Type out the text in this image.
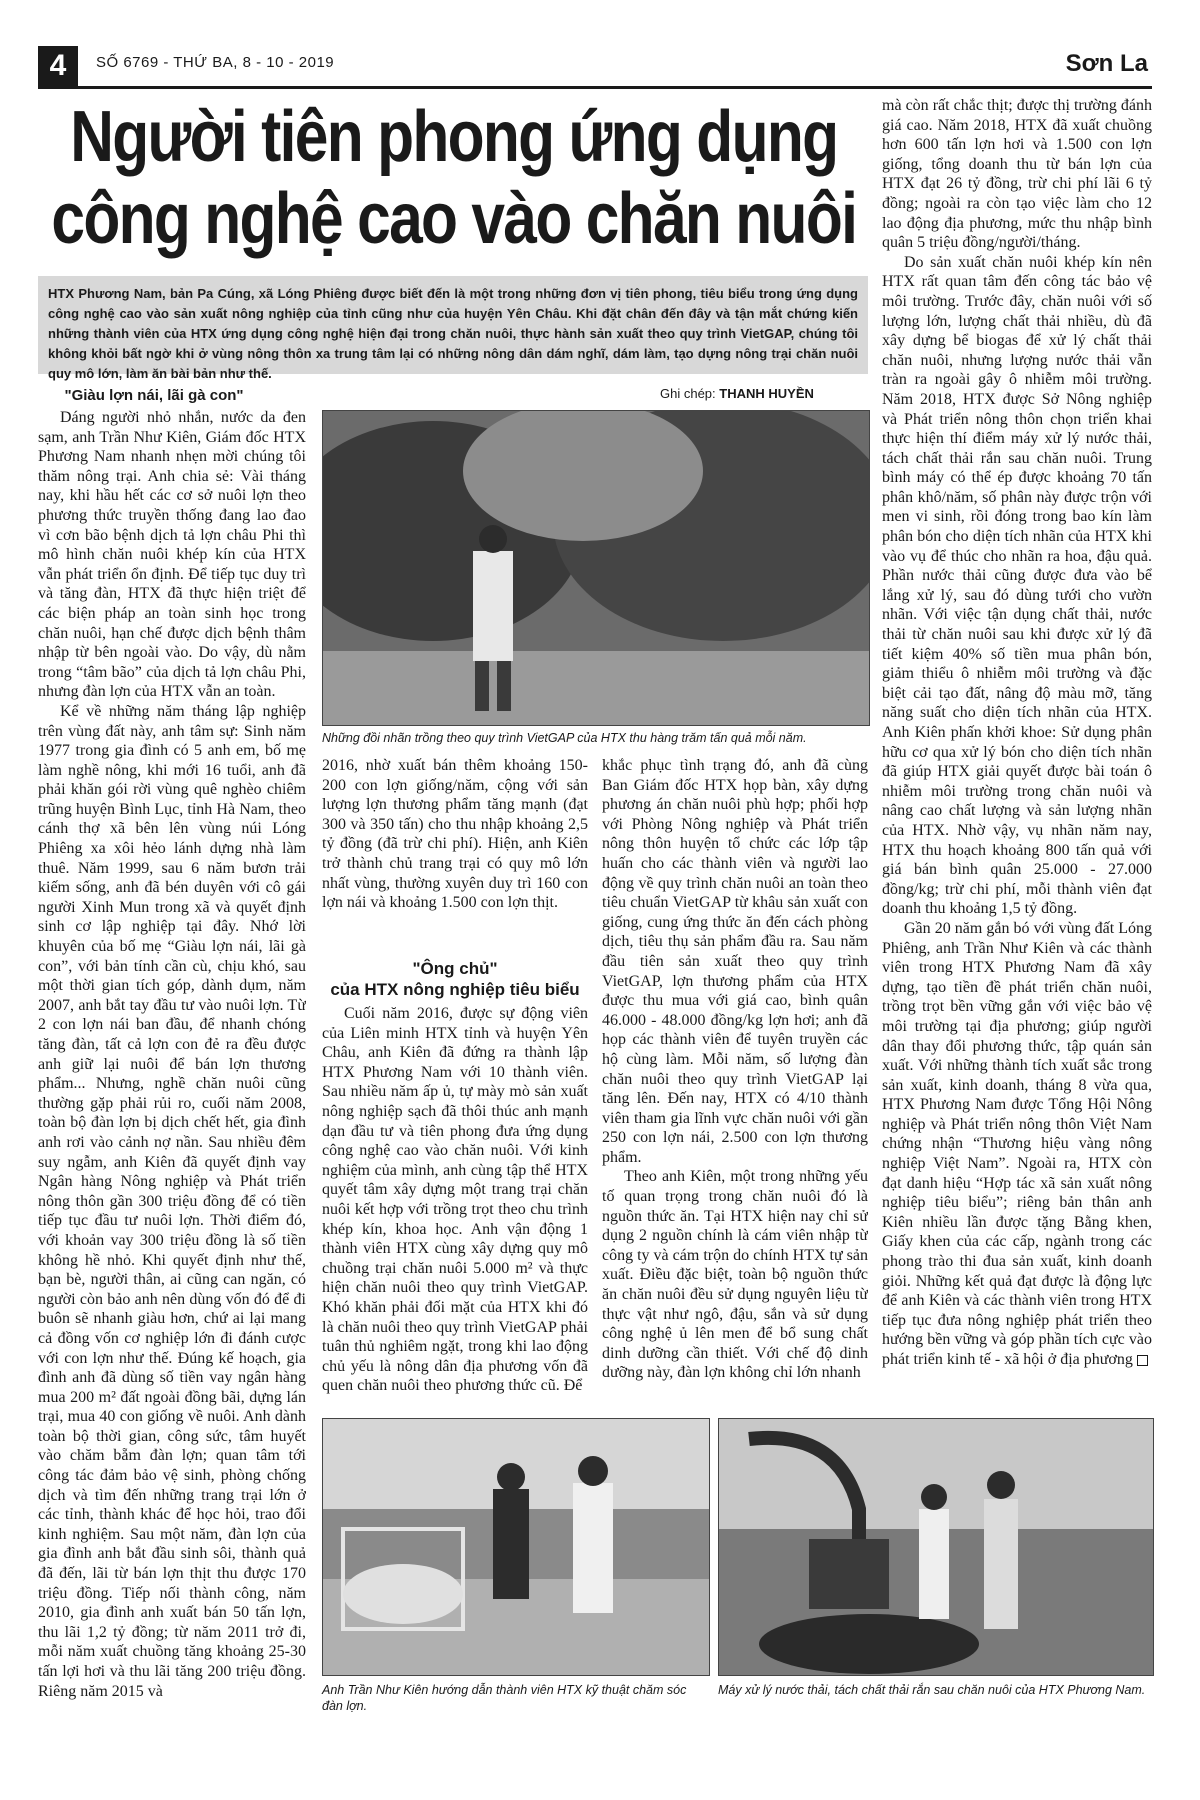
4	SỐ 6769 - THỨ BA, 8 - 10 - 2019	Sơn La
Người tiên phong ứng dụng
công nghệ cao vào chăn nuôi
HTX Phương Nam, bản Pa Cúng, xã Lóng Phiêng được biết đến là một trong những đơn vị tiên phong, tiêu biểu trong ứng dụng công nghệ cao vào sản xuất nông nghiệp của tỉnh cũng như của huyện Yên Châu. Khi đặt chân đến đây và tận mắt chứng kiến những thành viên của HTX ứng dụng công nghệ hiện đại trong chăn nuôi, thực hành sản xuất theo quy trình VietGAP, chúng tôi không khỏi bất ngờ khi ở vùng nông thôn xa trung tâm lại có những nông dân dám nghĩ, dám làm, tạo dựng nông trại chăn nuôi quy mô lớn, làm ăn bài bản như thế.
Ghi chép: THANH HUYỀN
"Giàu lợn nái, lãi gà con"

Dáng người nhỏ nhắn, nước da đen sạm, anh Trần Như Kiên, Giám đốc HTX Phương Nam nhanh nhẹn mời chúng tôi thăm nông trại. Anh chia sẻ: Vài tháng nay, khi hầu hết các cơ sở nuôi lợn theo phương thức truyền thống đang lao đao vì cơn bão bệnh dịch tả lợn châu Phi thì mô hình chăn nuôi khép kín của HTX vẫn phát triển ổn định. Để tiếp tục duy trì và tăng đàn, HTX đã thực hiện triệt để các biện pháp an toàn sinh học trong chăn nuôi, hạn chế được dịch bệnh thâm nhập từ bên ngoài vào. Do vậy, dù nằm trong “tâm bão” của dịch tả lợn châu Phi, nhưng đàn lợn của HTX vẫn an toàn.

Kể về những năm tháng lập nghiệp trên vùng đất này, anh tâm sự: Sinh năm 1977 trong gia đình có 5 anh em, bố mẹ làm nghề nông, khi mới 16 tuổi, anh đã phải khăn gói rời vùng quê nghèo chiêm trũng huyện Bình Lục, tỉnh Hà Nam, theo cánh thợ xã bên lên vùng núi Lóng Phiêng xa xôi hẻo lánh dựng nhà làm thuê. Năm 1999, sau 6 năm bươn trải kiếm sống, anh đã bén duyên với cô gái người Xinh Mun trong xã và quyết định sinh cơ lập nghiệp tại đây. Nhớ lời khuyên của bố mẹ “Giàu lợn nái, lãi gà con”, với bản tính cần cù, chịu khó, sau một thời gian tích góp, dành dụm, năm 2007, anh bắt tay đầu tư vào nuôi lợn. Từ 2 con lợn nái ban đầu, để nhanh chóng tăng đàn, tất cả lợn con đẻ ra đều được anh giữ lại nuôi để bán lợn thương phẩm... Nhưng, nghề chăn nuôi cũng thường gặp phải rủi ro, cuối năm 2008, toàn bộ đàn lợn bị dịch chết hết, gia đình anh rơi vào cảnh nợ nần. Sau nhiều đêm suy ngẫm, anh Kiên đã quyết định vay Ngân hàng Nông nghiệp và Phát triển nông thôn gần 300 triệu đồng để có tiền tiếp tục đầu tư nuôi lợn. Thời điểm đó, với khoản vay 300 triệu đồng là số tiền không hề nhỏ. Khi quyết định như thế, bạn bè, người thân, ai cũng can ngăn, có người còn bảo anh nên dùng vốn đó để đi buôn sẽ nhanh giàu hơn, chứ ai lại mang cả đồng vốn cơ nghiệp lớn đi đánh cược với con lợn như thế. Đúng kế hoạch, gia đình anh đã dùng số tiền vay ngân hàng mua 200 m² đất ngoài đồng bãi, dựng lán trại, mua 40 con giống về nuôi. Anh dành toàn bộ thời gian, công sức, tâm huyết vào chăm bẵm đàn lợn; quan tâm tới công tác đảm bảo vệ sinh, phòng chống dịch và tìm đến những trang trại lớn ở các tỉnh, thành khác để học hỏi, trao đổi kinh nghiệm. Sau một năm, đàn lợn của gia đình anh bắt đầu sinh sôi, thành quả đã đến, lãi từ bán lợn thịt thu được 170 triệu đồng. Tiếp nối thành công, năm 2010, gia đình anh xuất bán 50 tấn lợn, thu lãi 1,2 tỷ đồng; từ năm 2011 trở đi, mỗi năm xuất chuồng tăng khoảng 25-30 tấn lợi hơi và thu lãi tăng 200 triệu đồng. Riêng năm 2015 và

Những đồi nhãn trồng theo quy trình VietGAP của HTX thu hàng trăm tấn quả mỗi năm.

2016, nhờ xuất bán thêm khoảng 150-200 con lợn giống/năm, cộng với sản lượng lợn thương phẩm tăng mạnh (đạt 300 và 350 tấn) cho thu nhập khoảng 2,5 tỷ đồng (đã trừ chi phí). Hiện, anh Kiên trở thành chủ trang trại có quy mô lớn nhất vùng, thường xuyên duy trì 160 con lợn nái và khoảng 1.500 con lợn thịt.

"Ông chủ"
của HTX nông nghiệp tiêu biểu

Cuối năm 2016, được sự động viên của Liên minh HTX tỉnh và huyện Yên Châu, anh Kiên đã đứng ra thành lập HTX Phương Nam với 10 thành viên. Sau nhiều năm ấp ủ, tự mày mò sản xuất nông nghiệp sạch đã thôi thúc anh mạnh dạn đầu tư và tiên phong đưa ứng dụng công nghệ cao vào chăn nuôi. Với kinh nghiệm của mình, anh cùng tập thể HTX quyết tâm xây dựng một trang trại chăn nuôi kết hợp với trồng trọt theo chu trình khép kín, khoa học. Anh vận động 1 thành viên HTX cùng xây dựng quy mô chuồng trại chăn nuôi 5.000 m² và thực hiện chăn nuôi theo quy trình VietGAP. Khó khăn phải đối mặt của HTX khi đó là chăn nuôi theo quy trình VietGAP phải tuân thủ nghiêm ngặt, trong khi lao động chủ yếu là nông dân địa phương vốn đã quen chăn nuôi theo phương thức cũ. Để

khắc phục tình trạng đó, anh đã cùng Ban Giám đốc HTX họp bàn, xây dựng phương án chăn nuôi phù hợp; phối hợp với Phòng Nông nghiệp và Phát triển nông thôn huyện tổ chức các lớp tập huấn cho các thành viên và người lao động về quy trình chăn nuôi an toàn theo tiêu chuẩn VietGAP từ khâu sản xuất con giống, cung ứng thức ăn đến cách phòng dịch, tiêu thụ sản phẩm đầu ra. Sau năm đầu tiên sản xuất theo quy trình VietGAP, lợn thương phẩm của HTX được thu mua với giá cao, bình quân 46.000 - 48.000 đồng/kg lợn hơi; anh đã họp các thành viên để tuyên truyền các hộ cùng làm. Mỗi năm, số lượng đàn chăn nuôi theo quy trình VietGAP lại tăng lên. Đến nay, HTX có 4/10 thành viên tham gia lĩnh vực chăn nuôi với gần 250 con lợn nái, 2.500 con lợn thương phẩm.

Theo anh Kiên, một trong những yếu tố quan trọng trong chăn nuôi đó là nguồn thức ăn. Tại HTX hiện nay chỉ sử dụng 2 nguồn chính là cám viên nhập từ công ty và cám trộn do chính HTX tự sản xuất. Điều đặc biệt, toàn bộ nguồn thức ăn chăn nuôi đều sử dụng nguyên liệu từ thực vật như ngô, đậu, sắn và sử dụng công nghệ ủ lên men để bổ sung chất dinh dưỡng cần thiết. Với chế độ dinh dưỡng này, đàn lợn không chỉ lớn nhanh

mà còn rất chắc thịt; được thị trường đánh giá cao. Năm 2018, HTX đã xuất chuồng hơn 600 tấn lợn hơi và 1.500 con lợn giống, tổng doanh thu từ bán lợn của HTX đạt 26 tỷ đồng, trừ chi phí lãi 6 tỷ đồng; ngoài ra còn tạo việc làm cho 12 lao động địa phương, mức thu nhập bình quân 5 triệu đồng/người/tháng.

Do sản xuất chăn nuôi khép kín nên HTX rất quan tâm đến công tác bảo vệ môi trường. Trước đây, chăn nuôi với số lượng lớn, lượng chất thải nhiều, dù đã xây dựng bể biogas để xử lý chất thải chăn nuôi, nhưng lượng nước thải vẫn tràn ra ngoài gây ô nhiễm môi trường. Năm 2018, HTX được Sở Nông nghiệp và Phát triển nông thôn chọn triển khai thực hiện thí điểm máy xử lý nước thải, tách chất thải rắn sau chăn nuôi. Trung bình máy có thể ép được khoảng 70 tấn phân khô/năm, số phân này được trộn với men vi sinh, rồi đóng trong bao kín làm phân bón cho diện tích nhãn của HTX khi vào vụ để thúc cho nhãn ra hoa, đậu quả. Phần nước thải cũng được đưa vào bể lắng xử lý, sau đó dùng tưới cho vườn nhãn. Với việc tận dụng chất thải, nước thải từ chăn nuôi sau khi được xử lý đã tiết kiệm 40% số tiền mua phân bón, giảm thiểu ô nhiễm môi trường và đặc biệt cải tạo đất, nâng độ màu mỡ, tăng năng suất cho diện tích nhãn của HTX. Anh Kiên phấn khởi khoe: Sử dụng phân hữu cơ qua xử lý bón cho diện tích nhãn đã giúp HTX giải quyết được bài toán ô nhiễm môi trường trong chăn nuôi và nâng cao chất lượng và sản lượng nhãn của HTX. Nhờ vậy, vụ nhãn năm nay, HTX thu hoạch khoảng 800 tấn quả với giá bán bình quân 25.000 - 27.000 đồng/kg; trừ chi phí, mỗi thành viên đạt doanh thu khoảng 1,5 tỷ đồng.

Gần 20 năm gắn bó với vùng đất Lóng Phiêng, anh Trần Như Kiên và các thành viên trong HTX Phương Nam đã xây dựng, tạo tiền đề phát triển chăn nuôi, trồng trọt bền vững gắn với việc bảo vệ môi trường tại địa phương; giúp người dân thay đổi phương thức, tập quán sản xuất. Với những thành tích xuất sắc trong sản xuất, kinh doanh, tháng 8 vừa qua, HTX Phương Nam được Tổng Hội Nông nghiệp và Phát triển nông thôn Việt Nam chứng nhận “Thương hiệu vàng nông nghiệp Việt Nam”. Ngoài ra, HTX còn đạt danh hiệu “Hợp tác xã sản xuất nông nghiệp tiêu biểu”; riêng bản thân anh Kiên nhiều lần được tặng Bằng khen, Giấy khen của các cấp, ngành trong các phong trào thi đua sản xuất, kinh doanh giỏi. Những kết quả đạt được là động lực để anh Kiên và các thành viên trong HTX tiếp tục đưa nông nghiệp phát triển theo hướng bền vững và góp phần tích cực vào phát triển kinh tế - xã hội ở địa phương

Anh Trần Như Kiên hướng dẫn thành viên HTX kỹ thuật chăm sóc đàn lợn.
Máy xử lý nước thải, tách chất thải rắn sau chăn nuôi của HTX Phương Nam.
